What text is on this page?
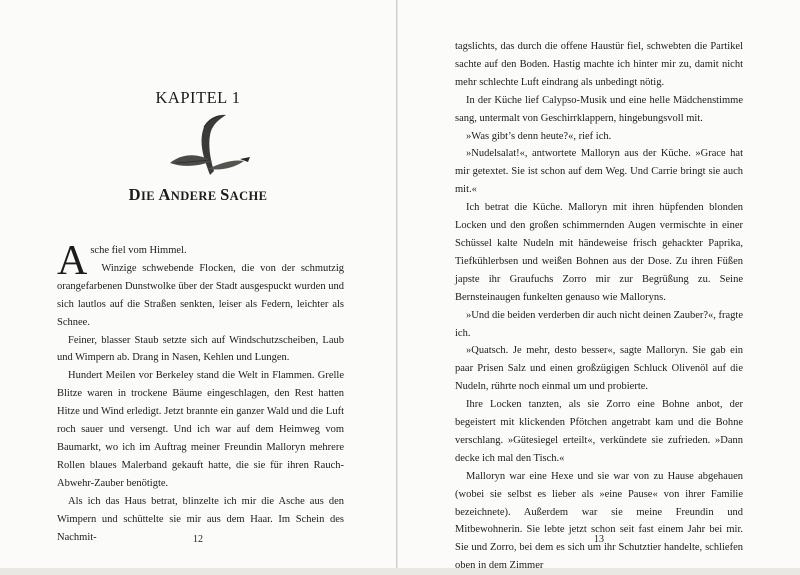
KAPITEL 1
DIE ANDERE SACHE

Asche fiel vom Himmel.

Winzige schwebende Flocken, die von der schmutzig orangefarbenen Dunstwolke über der Stadt ausgespuckt wurden und sich lautlos auf die Straßen senkten, leiser als Federn, leichter als Schnee.

Feiner, blasser Staub setzte sich auf Windschutzscheiben, Laub und Wimpern ab. Drang in Nasen, Kehlen und Lungen.

Hundert Meilen vor Berkeley stand die Welt in Flammen. Grelle Blitze waren in trockene Bäume eingeschlagen, den Rest hatten Hitze und Wind erledigt. Jetzt brannte ein ganzer Wald und die Luft roch sauer und versengt. Und ich war auf dem Heimweg vom Baumarkt, wo ich im Auftrag meiner Freundin Malloryn mehrere Rollen blaues Malerband gekauft hatte, die sie für ihren Rauch-Abwehr-Zauber benötigte.

Als ich das Haus betrat, blinzelte ich mir die Asche aus den Wimpern und schüttelte sie mir aus dem Haar. Im Schein des Nachmit-	12

tagslichts, das durch die offene Haustür fiel, schwebten die Partikel sachte auf den Boden. Hastig machte ich hinter mir zu, damit nicht mehr schlechte Luft eindrang als unbedingt nötig.

In der Küche lief Calypso-Musik und eine helle Mädchenstimme sang, untermalt von Geschirrklappern, hingebungsvoll mit.

»Was gibt’s denn heute?«, rief ich.

»Nudelsalat!«, antwortete Malloryn aus der Küche. »Grace hat mir getextet. Sie ist schon auf dem Weg. Und Carrie bringt sie auch mit.«

Ich betrat die Küche. Malloryn mit ihren hüpfenden blonden Locken und den großen schimmernden Augen vermischte in einer Schüssel kalte Nudeln mit händeweise frisch gehackter Paprika, Tiefkühlerbsen und weißen Bohnen aus der Dose. Zu ihren Füßen japste ihr Graufuchs Zorro mir zur Begrüßung zu. Seine Bernsteinaugen funkelten genauso wie Malloryns.

»Und die beiden verderben dir auch nicht deinen Zauber?«, fragte ich.

»Quatsch. Je mehr, desto besser«, sagte Malloryn. Sie gab ein paar Prisen Salz und einen großzügigen Schluck Olivenöl auf die Nudeln, rührte noch einmal um und probierte.

Ihre Locken tanzten, als sie Zorro eine Bohne anbot, der begeistert mit klickenden Pfötchen angetrabt kam und die Bohne verschlang. »Gütesiegel erteilt«, verkündete sie zufrieden. »Dann decke ich mal den Tisch.«

Malloryn war eine Hexe und sie war von zu Hause abgehauen (wobei sie selbst es lieber als »eine Pause« von ihrer Familie bezeichnete). Außerdem war sie meine Freundin und Mitbewohnerin. Sie lebte jetzt schon seit fast einem Jahr bei mir. Sie und Zorro, bei dem es sich um ihr Schutztier handelte, schliefen oben in dem Zimmer

13
